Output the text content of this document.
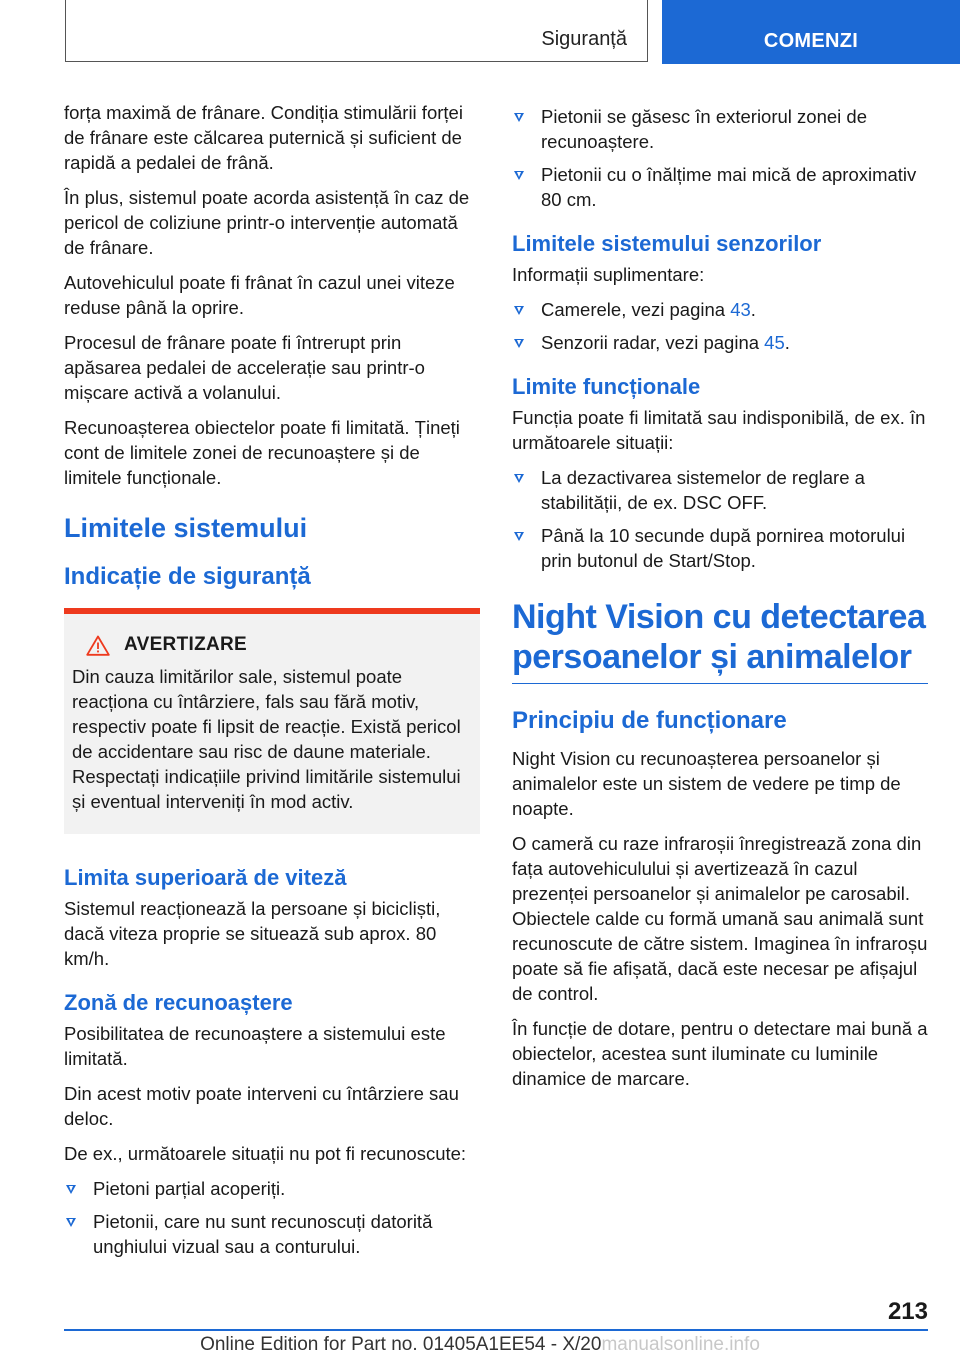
Siguranță	COMENZI

forța maximă de frânare. Condiția stimulării forței de frânare este călcarea puternică și suficient de rapidă a pedalei de frână.

În plus, sistemul poate acorda asistență în caz de pericol de coliziune printr-o intervenție automată de frânare.

Autovehiculul poate fi frânat în cazul unei viteze reduse până la oprire.

Procesul de frânare poate fi întrerupt prin apăsarea pedalei de accelerație sau printr-o mișcare activă a volanului.

Recunoașterea obiectelor poate fi limitată. Țineți cont de limitele zonei de recunoaștere și de limitele funcționale.

Limitele sistemului
Indicație de siguranță
AVERTIZARE

Din cauza limitărilor sale, sistemul poate reacționa cu întârziere, fals sau fără motiv, respectiv poate fi lipsit de reacție. Există pericol de accidentare sau risc de daune materiale. Respectați indicațiile privind limitările sistemului și eventual interveniți în mod activ.

Limita superioară de viteză

Sistemul reacționează la persoane și bicicliști, dacă viteza proprie se situează sub aprox. 80 km/h.

Zonă de recunoaștere

Posibilitatea de recunoaștere a sistemului este limitată.

Din acest motiv poate interveni cu întârziere sau deloc.

De ex., următoarele situații nu pot fi recunoscute:

Pietoni parțial acoperiți.
Pietonii, care nu sunt recunoscuți datorită unghiului vizual sau a conturului.
Pietonii se găsesc în exteriorul zonei de recunoaștere.
Pietonii cu o înălțime mai mică de aproximativ 80 cm.
Limitele sistemului senzorilor

Informații suplimentare:

Camerele, vezi pagina 43.
Senzorii radar, vezi pagina 45.
Limite funcționale

Funcția poate fi limitată sau indisponibilă, de ex. în următoarele situații:

La dezactivarea sistemelor de reglare a stabilității, de ex. DSC OFF.
Până la 10 secunde după pornirea motorului prin butonul de Start/Stop.
Night Vision cu detectarea persoanelor și animalelor
Principiu de funcționare

Night Vision cu recunoașterea persoanelor și animalelor este un sistem de vedere pe timp de noapte.

O cameră cu raze infraroșii înregistrează zona din fața autovehiculului și avertizează în cazul prezenței persoanelor și animalelor pe carosabil. Obiectele calde cu formă umană sau animală sunt recunoscute de către sistem. Imaginea în infraroșu poate să fie afișată, dacă este necesar pe afișajul de control.

În funcție de dotare, pentru o detectare mai bună a obiectelor, acestea sunt iluminate cu luminile dinamice de marcare.

213
Online Edition for Part no. 01405A1EE54 - X/20manualsonline.info
